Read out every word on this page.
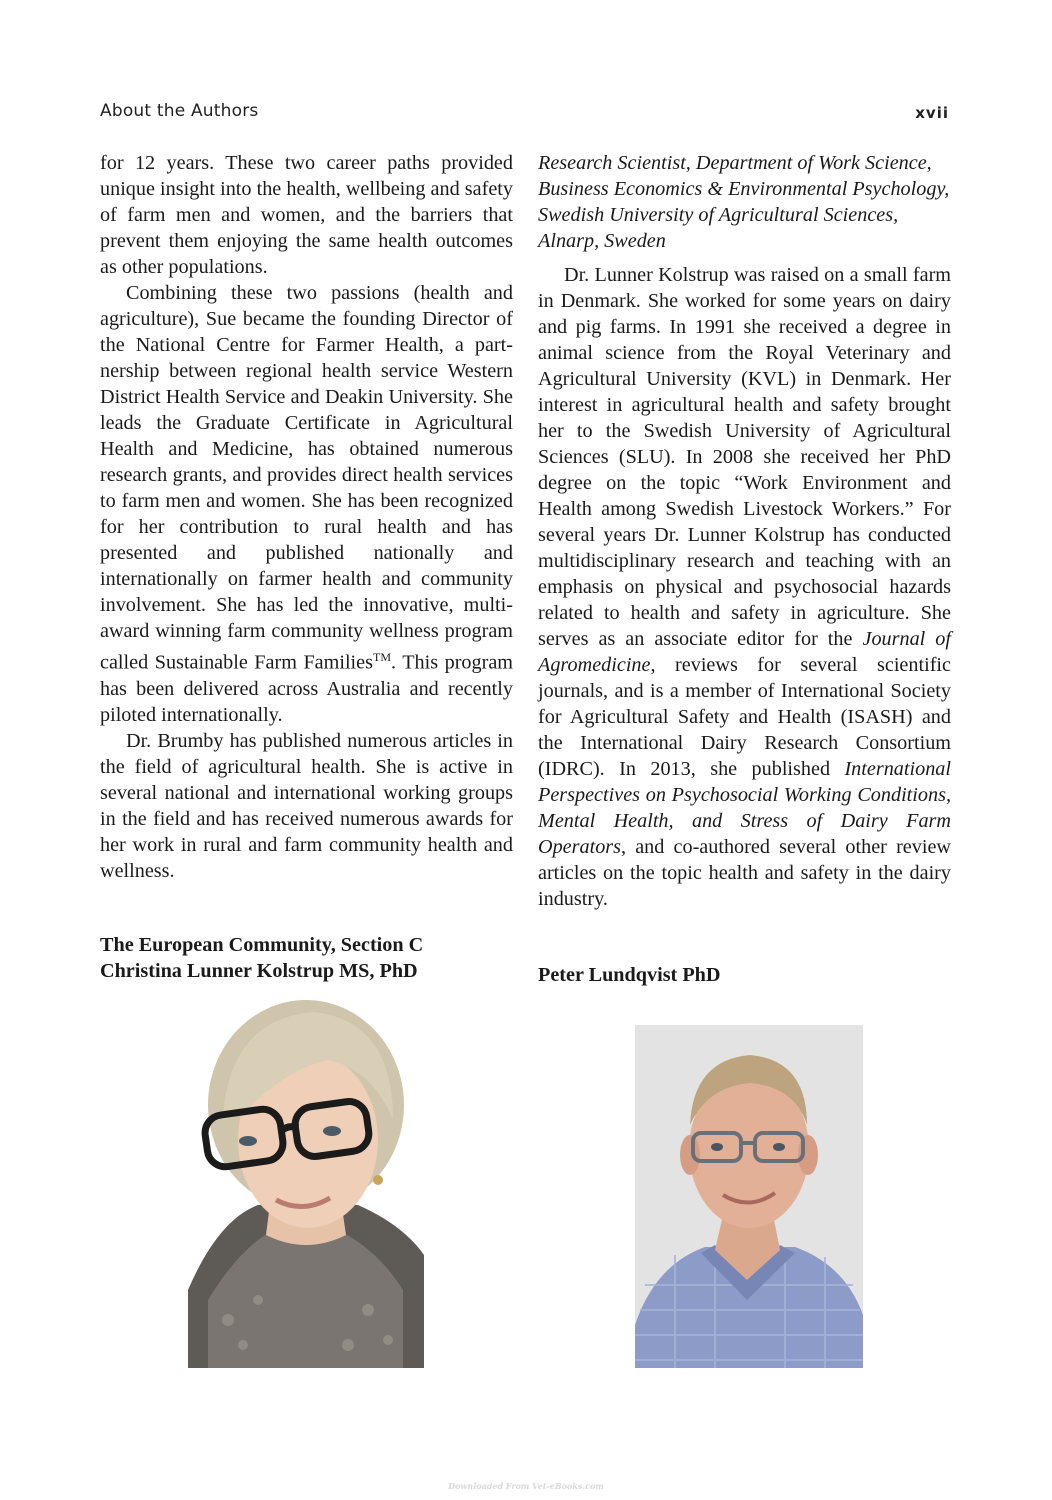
About the Authors	xvii

for 12 years. These two career paths provided unique insight into the health, wellbeing and safety of farm men and women, and the barriers that prevent them enjoying the same health outcomes as other populations.

Combining these two passions (health and agriculture), Sue became the founding Director of the National Centre for Farmer Health, a partnership between regional health service Western District Health Service and Deakin University. She leads the Graduate Certificate in Agricultural Health and Medicine, has obtained numerous research grants, and provides direct health services to farm men and women. She has been recognized for her contribution to rural health and has presented and published nationally and internationally on farmer health and community involvement. She has led the innovative, multi-award winning farm community wellness program called Sustainable Farm Families™. This program has been delivered across Australia and recently piloted internationally.

Dr. Brumby has published numerous articles in the field of agricultural health. She is active in several national and international working groups in the field and has received numerous awards for her work in rural and farm community health and wellness.

The European Community, Section C
Christina Lunner Kolstrup MS, PhD

Research Scientist, Department of Work Science, Business Economics & Environmental Psychology, Swedish University of Agricultural Sciences, Alnarp, Sweden

Dr. Lunner Kolstrup was raised on a small farm in Denmark. She worked for some years on dairy and pig farms. In 1991 she received a degree in animal science from the Royal Veterinary and Agricultural University (KVL) in Denmark. Her interest in agricultural health and safety brought her to the Swedish University of Agricultural Sciences (SLU). In 2008 she received her PhD degree on the topic “Work Environment and Health among Swedish Livestock Workers.” For several years Dr. Lunner Kolstrup has conducted multidisciplinary research and teaching with an emphasis on physical and psychosocial hazards related to health and safety in agriculture. She serves as an associate editor for the Journal of Agromedicine, reviews for several scientific journals, and is a member of International Society for Agricultural Safety and Health (ISASH) and the International Dairy Research Consortium (IDRC). In 2013, she published International Perspectives on Psychosocial Working Conditions, Mental Health, and Stress of Dairy Farm Operators, and co-authored several other review articles on the topic health and safety in the dairy industry.

Peter Lundqvist PhD

Downloaded From Vet-eBooks.com
